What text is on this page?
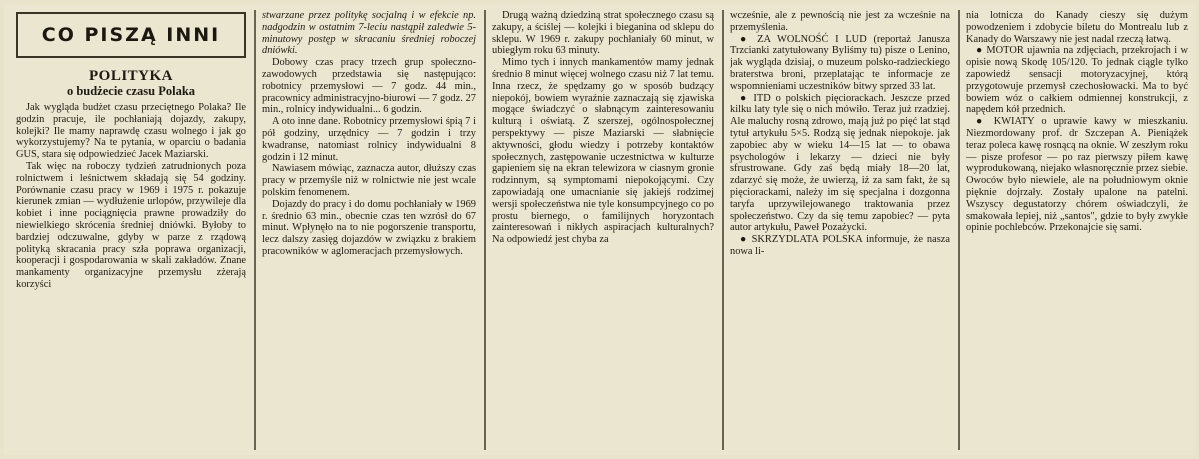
CO PISZĄ INNI
POLITYKA
o budżecie czasu Polaka

Jak wygląda budżet czasu przeciętnego Polaka? Ile godzin pracuje, ile pochłaniają dojazdy, zakupy, kolejki? Ile mamy naprawdę czasu wolnego i jak go wykorzystujemy? Na te pytania, w oparciu o badania GUS, stara się odpowiedzieć Jacek Maziarski.

Tak więc na roboczy tydzień zatrudnionych poza rolnictwem i leśnictwem składają się 54 godziny. Porównanie czasu pracy w 1969 i 1975 r. pokazuje kierunek zmian — wydłużenie urlopów, przywileje dla kobiet i inne pociągnięcia prawne prowadziły do niewielkiego skrócenia średniej dniówki. Byłoby to bardziej odczuwalne, gdyby w parze z rządową polityką skracania pracy szła poprawa organizacji, kooperacji i gospodarowania w skali zakładów. Znane mankamenty organizacyjne przemysłu zżerają korzyści

stwarzane przez politykę socjalną i w efekcie np. nadgodzin w ostatnim 7-leciu nastąpił zaledwie 5-minutowy postęp w skracaniu średniej roboczej dniówki.

Dobowy czas pracy trzech grup społeczno-zawodowych przedstawia się następująco: robotnicy przemysłowi — 7 godz. 44 min., pracownicy administracyjno-biurowi — 7 godz. 27 min., rolnicy indywidualni... 6 godzin.

A oto inne dane. Robotnicy przemysłowi śpią 7 i pół godziny, urzędnicy — 7 godzin i trzy kwadranse, natomiast rolnicy indywidualni 8 godzin i 12 minut.

Nawiasem mówiąc, zaznacza autor, dłuższy czas pracy w przemyśle niż w rolnictwie nie jest wcale polskim fenomenem.

Dojazdy do pracy i do domu pochłaniały w 1969 r. średnio 63 min., obecnie czas ten wzrósł do 67 minut. Wpłynęło na to nie pogorszenie transportu, lecz dalszy zasięg dojazdów w związku z brakiem pracowników w aglomeracjach przemysłowych.

Drugą ważną dziedziną strat społecznego czasu są zakupy, a ściślej — kolejki i bieganina od sklepu do sklepu. W 1969 r. zakupy pochłaniały 60 minut, w ubiegłym roku 63 minuty.

Mimo tych i innych mankamentów mamy jednak średnio 8 minut więcej wolnego czasu niż 7 lat temu. Inna rzecz, że spędzamy go w sposób budzący niepokój, bowiem wyraźnie zaznaczają się zjawiska mogące świadczyć o słabnącym zainteresowaniu kulturą i oświatą. Z szerszej, ogólnospołecznej perspektywy — pisze Maziarski — słabnięcie aktywności, głodu wiedzy i potrzeby kontaktów społecznych, zastępowanie uczestnictwa w kulturze gapieniem się na ekran telewizora w ciasnym gronie rodzinnym, są symptomami niepokojącymi. Czy zapowiadają one umacnianie się jakiejś rodzimej wersji społeczeństwa nie tyle konsumpcyjnego co po prostu biernego, o familijnych horyzontach zainteresowań i nikłych aspiracjach kulturalnych? Na odpowiedź jest chyba za

wcześnie, ale z pewnością nie jest za wcześnie na przemyślenia.

● ZA WOLNOŚĆ I LUD (reportaż Janusza Trzcianki zatytułowany Byliśmy tu) pisze o Lenino, jak wygląda dzisiaj, o muzeum polsko-radzieckiego braterstwa broni, przeplatając te informacje ze wspomnieniami uczestników bitwy sprzed 33 lat.

● ITD o polskich pięciorackach. Jeszcze przed kilku laty tyle się o nich mówiło. Teraz już rzadziej. Ale maluchy rosną zdrowo, mają już po pięć lat stąd tytuł artykułu 5×5. Rodzą się jednak niepokoje. jak zapobiec aby w wieku 14—15 lat — to obawa psychologów i lekarzy — dzieci nie były sfrustrowane. Gdy zaś będą miały 18—20 lat, zdarzyć się może, że uwierzą, iż za sam fakt, że są pięciorackami, należy im się specjalna i dozgonna taryfa uprzywilejowanego traktowania przez społeczeństwo. Czy da się temu zapobiec? — pyta autor artykułu, Paweł Pozażycki.

● SKRZYDLATA POLSKA informuje, że nasza nowa li-

nia lotnicza do Kanady cieszy się dużym powodzeniem i zdobycie biletu do Montrealu lub z Kanady do Warszawy nie jest nadal rzeczą łatwą.

● MOTOR ujawnia na zdjęciach, przekrojach i w opisie nową Skodę 105/120. To jednak ciągle tylko zapowiedź sensacji motoryzacyjnej, którą przygotowuje przemysł czechosłowacki. Ma to być bowiem wóz o całkiem odmiennej konstrukcji, z napędem kół przednich.

● KWIATY o uprawie kawy w mieszkaniu. Niezmordowany prof. dr Szczepan A. Pieniążek teraz poleca kawę rosnącą na oknie. W zeszłym roku — pisze profesor — po raz pierwszy piłem kawę wyprodukowaną, niejako własnoręcznie przez siebie. Owoców było niewiele, ale na południowym oknie pięknie dojrzały. Zostały upalone na patelni. Wszyscy degustatorzy chórem oświadczyli, że smakowała lepiej, niż „santos", gdzie to były zwykłe opinie pochlebców. Przekonajcie się sami.
